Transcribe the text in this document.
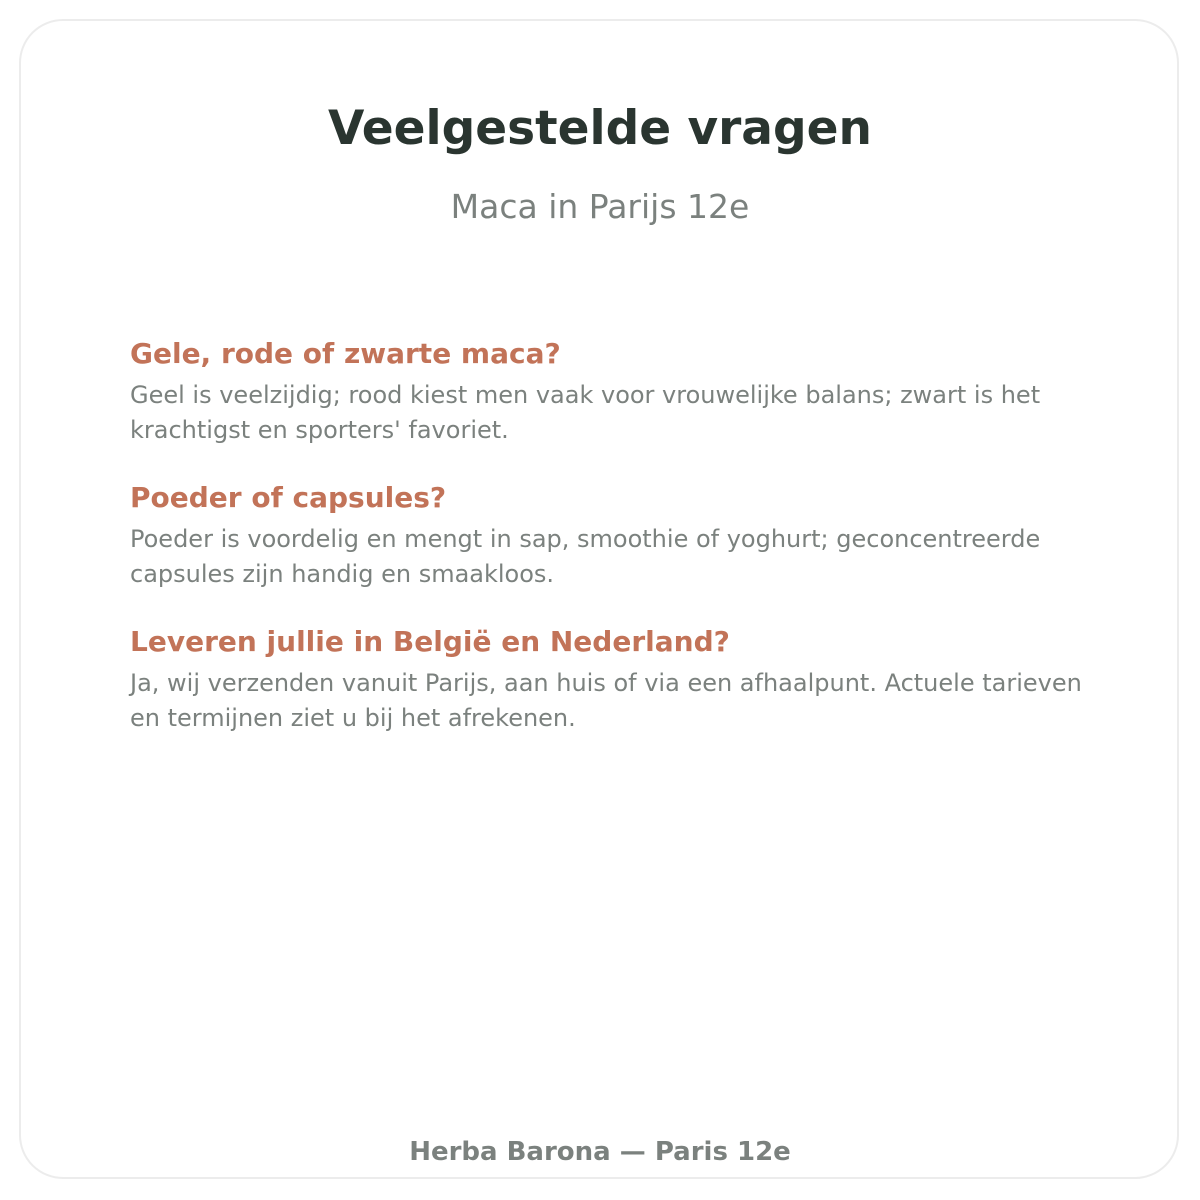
Veelgestelde vragen

Maca in Parijs 12e

Gele, rode of zwarte maca?

Geel is veelzijdig; rood kiest men vaak voor vrouwelijke balans; zwart is het krachtigst en sporters' favoriet.

Poeder of capsules?

Poeder is voordelig en mengt in sap, smoothie of yoghurt; geconcentreerde capsules zijn handig en smaakloos.

Leveren jullie in België en Nederland?

Ja, wij verzenden vanuit Parijs, aan huis of via een afhaalpunt. Actuele tarieven en termijnen ziet u bij het afrekenen.

Herba Barona — Paris 12e
